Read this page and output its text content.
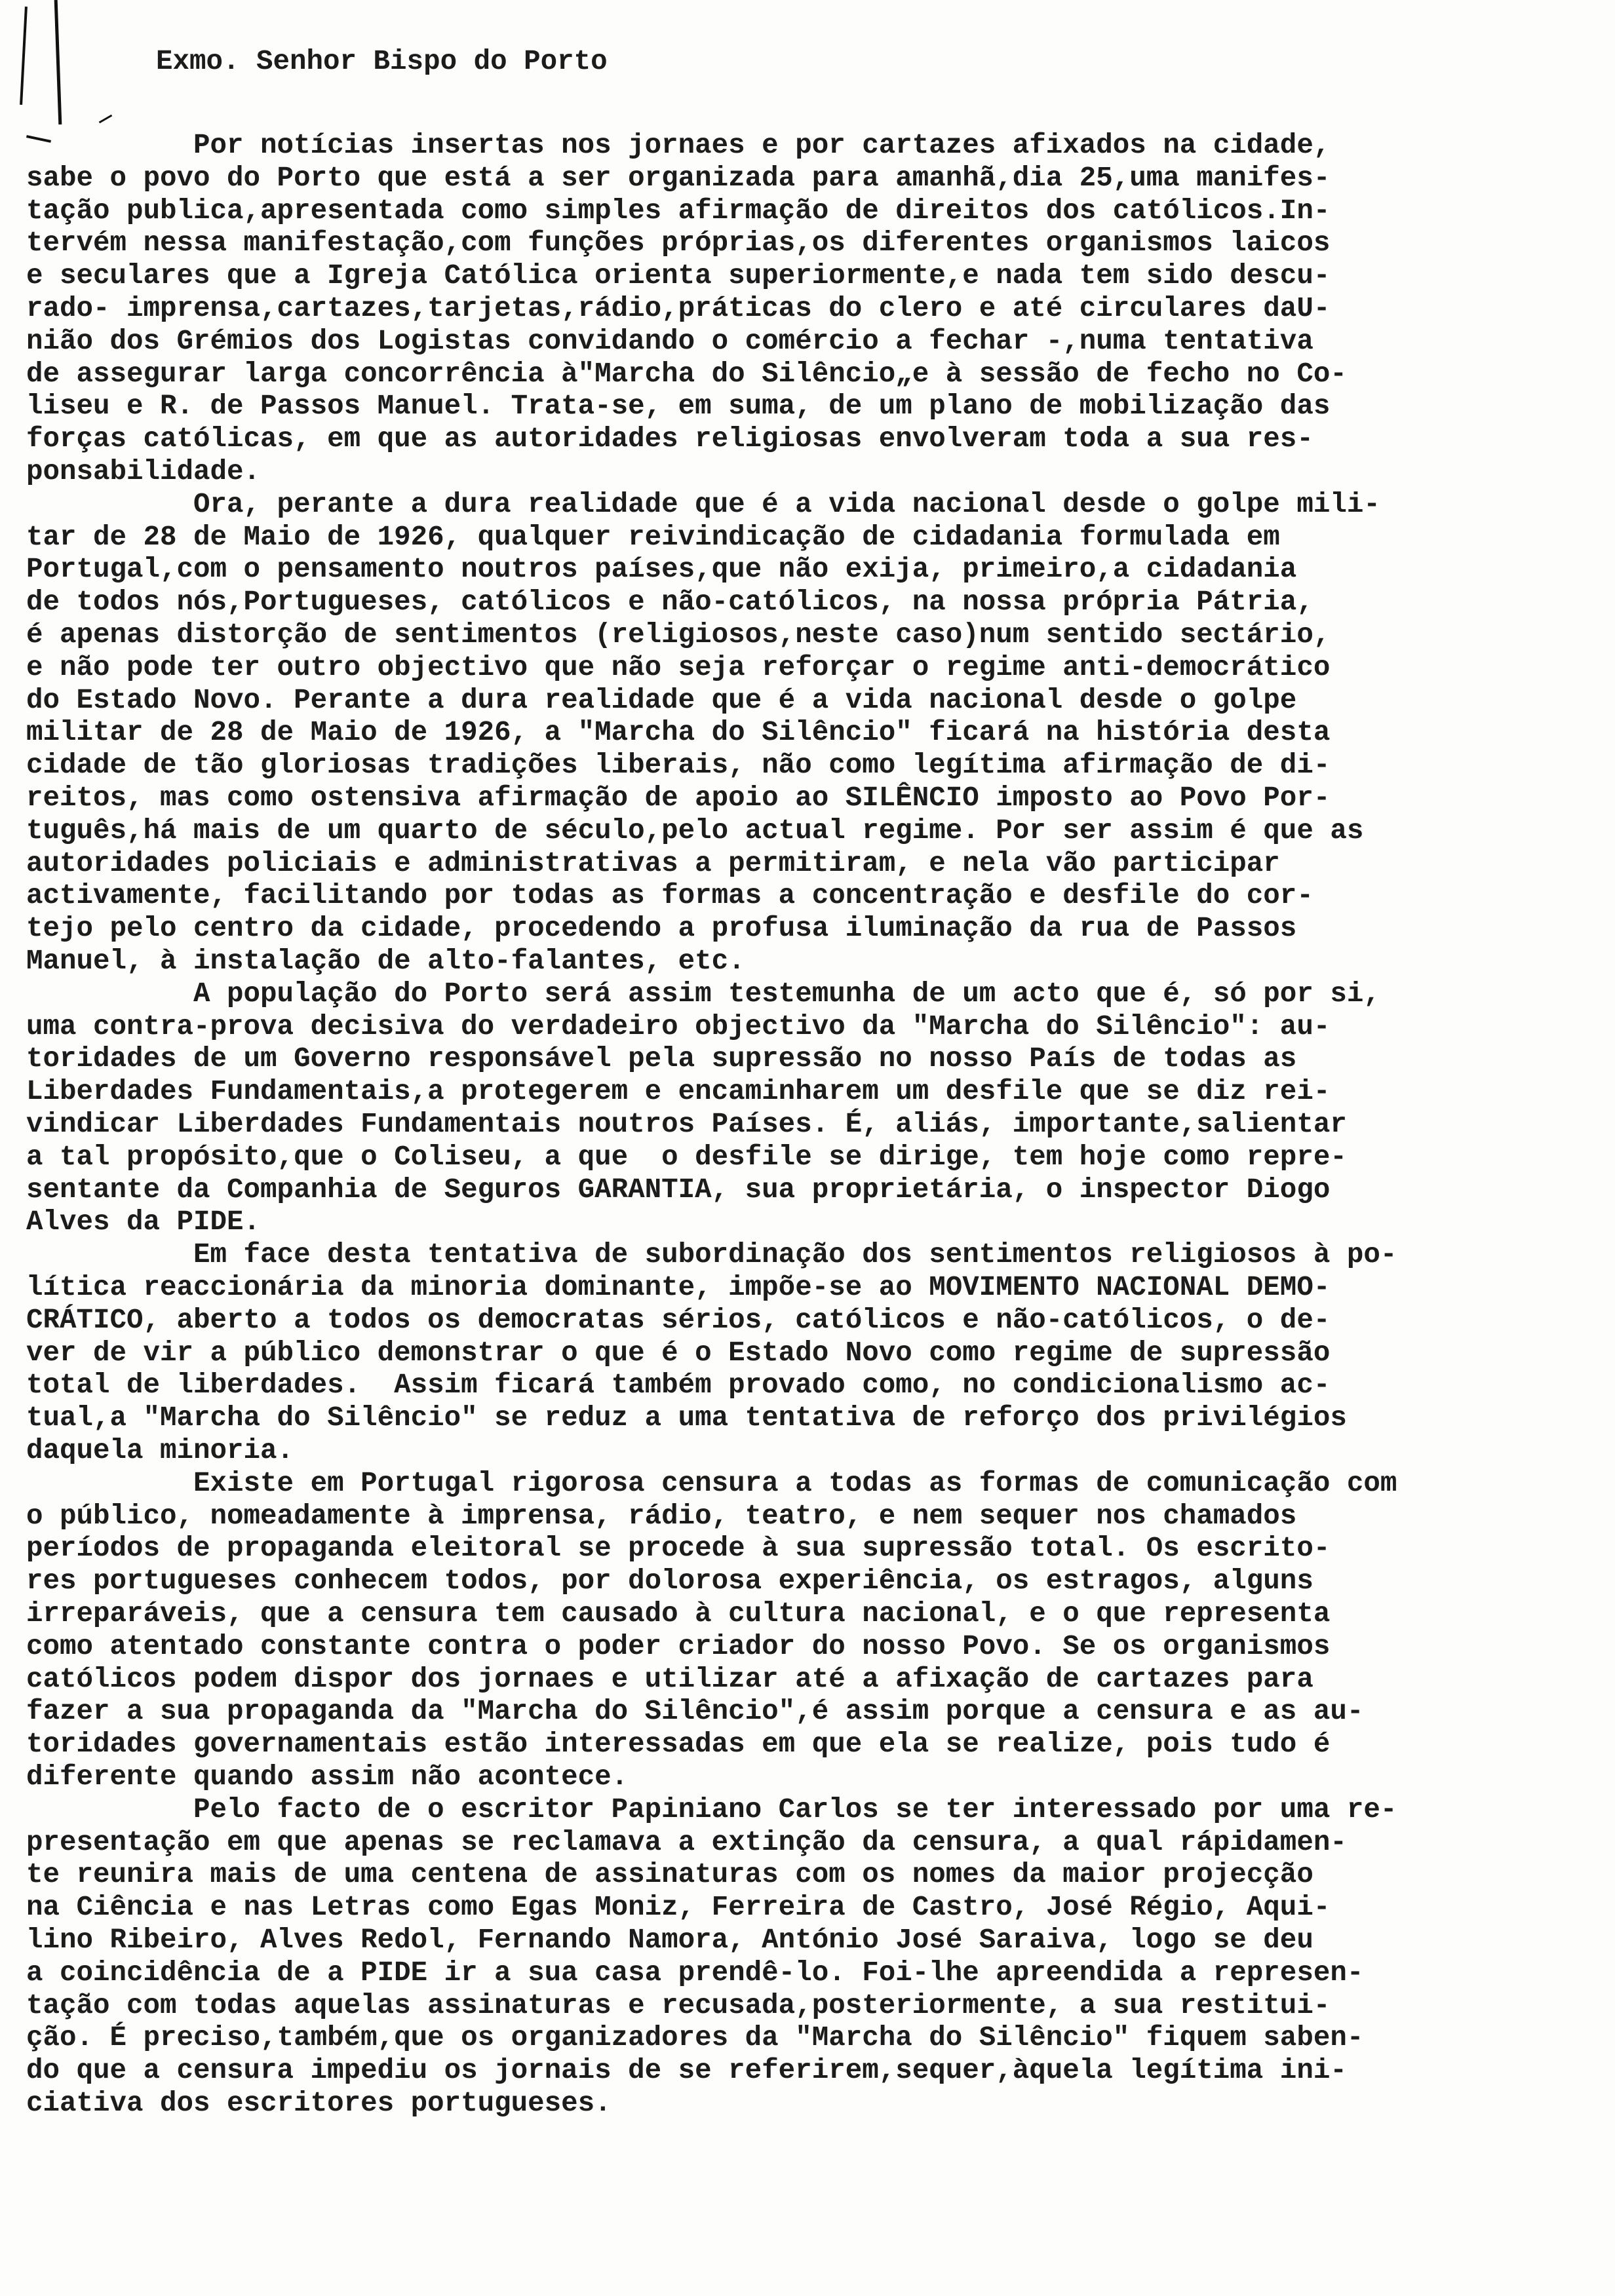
Exmo. Senhor Bispo do Porto
Por notícias insertas nos jornaes e por cartazes afixados na cidade,
sabe o povo do Porto que está a ser organizada para amanhã,dia 25,uma manifes-
tação publica,apresentada como simples afirmação de direitos dos católicos.In-
tervém nessa manifestação,com funções próprias,os diferentes organismos laicos
e seculares que a Igreja Católica orienta superiormente,e nada tem sido descu-
rado- imprensa,cartazes,tarjetas,rádio,práticas do clero e até circulares daU-
nião dos Grémios dos Logistas convidando o comércio a fechar -,numa tentativa
de assegurar larga concorrência à"Marcha do Silêncio„e à sessão de fecho no Co-
liseu e R. de Passos Manuel. Trata-se, em suma, de um plano de mobilização das
forças católicas, em que as autoridades religiosas envolveram toda a sua res-
ponsabilidade.
Ora, perante a dura realidade que é a vida nacional desde o golpe mili-
tar de 28 de Maio de 1926, qualquer reivindicação de cidadania formulada em
Portugal,com o pensamento noutros países,que não exija, primeiro,a cidadania
de todos nós,Portugueses, católicos e não-católicos, na nossa própria Pátria,
é apenas distorção de sentimentos (religiosos,neste caso)num sentido sectário,
e não pode ter outro objectivo que não seja reforçar o regime anti-democrático
do Estado Novo. Perante a dura realidade que é a vida nacional desde o golpe
militar de 28 de Maio de 1926, a "Marcha do Silêncio" ficará na história desta
cidade de tão gloriosas tradições liberais, não como legítima afirmação de di-
reitos, mas como ostensiva afirmação de apoio ao SILÊNCIO imposto ao Povo Por-
tuguês,há mais de um quarto de século,pelo actual regime. Por ser assim é que as
autoridades policiais e administrativas a permitiram, e nela vão participar
activamente, facilitando por todas as formas a concentração e desfile do cor-
tejo pelo centro da cidade, procedendo a profusa iluminação da rua de Passos
Manuel, à instalação de alto-falantes, etc.
A população do Porto será assim testemunha de um acto que é, só por si,
uma contra-prova decisiva do verdadeiro objectivo da "Marcha do Silêncio": au-
toridades de um Governo responsável pela supressão no nosso País de todas as
Liberdades Fundamentais,a protegerem e encaminharem um desfile que se diz rei-
vindicar Liberdades Fundamentais noutros Países. É, aliás, importante,salientar
a tal propósito,que o Coliseu, a que  o desfile se dirige, tem hoje como repre-
sentante da Companhia de Seguros GARANTIA, sua proprietária, o inspector Diogo
Alves da PIDE.
Em face desta tentativa de subordinação dos sentimentos religiosos à po-
lítica reaccionária da minoria dominante, impõe-se ao MOVIMENTO NACIONAL DEMO-
CRÁTICO, aberto a todos os democratas sérios, católicos e não-católicos, o de-
ver de vir a público demonstrar o que é o Estado Novo como regime de supressão
total de liberdades.  Assim ficará também provado como, no condicionalismo ac-
tual,a "Marcha do Silêncio" se reduz a uma tentativa de reforço dos privilégios
daquela minoria.
Existe em Portugal rigorosa censura a todas as formas de comunicação com
o público, nomeadamente à imprensa, rádio, teatro, e nem sequer nos chamados
períodos de propaganda eleitoral se procede à sua supressão total. Os escrito-
res portugueses conhecem todos, por dolorosa experiência, os estragos, alguns
irreparáveis, que a censura tem causado à cultura nacional, e o que representa
como atentado constante contra o poder criador do nosso Povo. Se os organismos
católicos podem dispor dos jornaes e utilizar até a afixação de cartazes para
fazer a sua propaganda da "Marcha do Silêncio",é assim porque a censura e as au-
toridades governamentais estão interessadas em que ela se realize, pois tudo é
diferente quando assim não acontece.
Pelo facto de o escritor Papiniano Carlos se ter interessado por uma re-
presentação em que apenas se reclamava a extinção da censura, a qual rápidamen-
te reunira mais de uma centena de assinaturas com os nomes da maior projecção
na Ciência e nas Letras como Egas Moniz, Ferreira de Castro, José Régio, Aqui-
lino Ribeiro, Alves Redol, Fernando Namora, António José Saraiva, logo se deu
a coincidência de a PIDE ir a sua casa prendê-lo. Foi-lhe apreendida a represen-
tação com todas aquelas assinaturas e recusada,posteriormente, a sua restitui-
ção. É preciso,também,que os organizadores da "Marcha do Silêncio" fiquem saben-
do que a censura impediu os jornais de se referirem,sequer,àquela legítima ini-
ciativa dos escritores portugueses.
